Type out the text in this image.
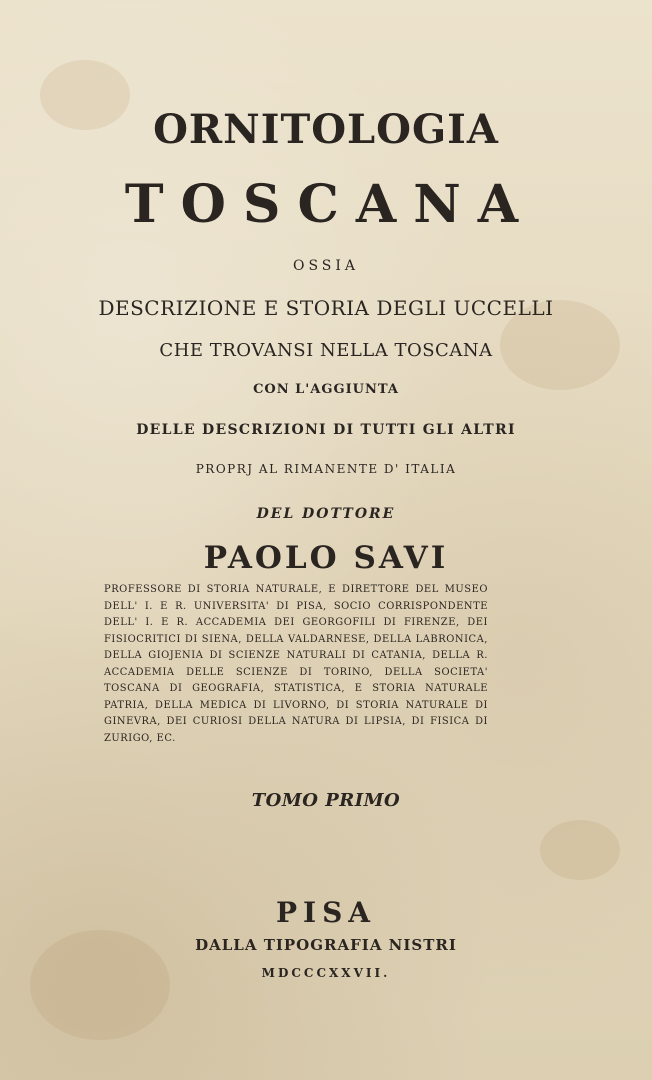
ORNITOLOGIA
TOSCANA

OSSIA

DESCRIZIONE E STORIA DEGLI UCCELLI

CHE TROVANSI NELLA TOSCANA

CON L'AGGIUNTA

DELLE DESCRIZIONI DI TUTTI GLI ALTRI

PROPRJ AL RIMANENTE D' ITALIA

DEL DOTTORE

PAOLO SAVI

PROFESSORE DI STORIA NATURALE, E DIRETTORE DEL MUSEO DELL' I. E R. UNIVERSITA' DI PISA, SOCIO CORRISPONDENTE DELL' I. E R. ACCADEMIA DEI GEORGOFILI DI FIRENZE, DEI FISIOCRITICI DI SIENA, DELLA VALDARNESE, DELLA LABRONICA, DELLA GIOJENIA DI SCIENZE NATURALI DI CATANIA, DELLA R. ACCADEMIA DELLE SCIENZE DI TORINO, DELLA SOCIETA' TOSCANA DI GEOGRAFIA, STATISTICA, E STORIA NATURALE PATRIA, DELLA MEDICA DI LIVORNO, DI STORIA NATURALE DI GINEVRA, DEI CURIOSI DELLA NATURA DI LIPSIA, DI FISICA DI ZURIGO, EC.

TOMO PRIMO

PISA

DALLA TIPOGRAFIA NISTRI

MDCCCXXVII.
